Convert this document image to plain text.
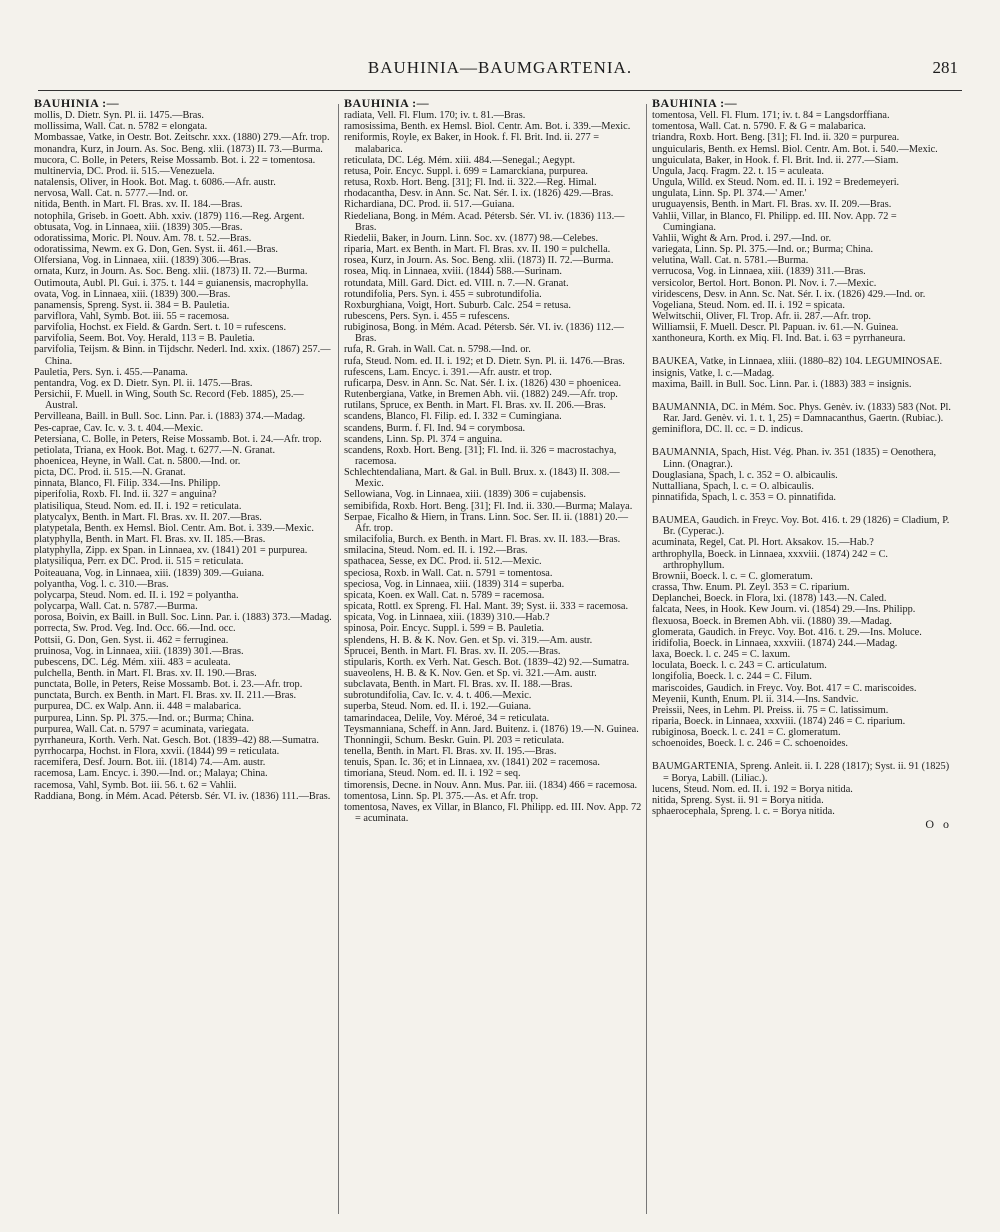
BAUHINIA—BAUMGARTENIA.	281
BAUHINIA :—

mollis, D. Dietr. Syn. Pl. ii. 1475.—Bras.

mollissima, Wall. Cat. n. 5782 = elongata.

Mombassae, Vatke, in Oestr. Bot. Zeitschr. xxx. (1880) 279.—Afr. trop.

monandra, Kurz, in Journ. As. Soc. Beng. xlii. (1873) II. 73.—Burma.

mucora, C. Bolle, in Peters, Reise Mossamb. Bot. i. 22 = tomentosa.

multinervia, DC. Prod. ii. 515.—Venezuela.

natalensis, Oliver, in Hook. Bot. Mag. t. 6086.—Afr. austr.

nervosa, Wall. Cat. n. 5777.—Ind. or.

nitida, Benth. in Mart. Fl. Bras. xv. II. 184.—Bras.

notophila, Griseb. in Goett. Abh. xxiv. (1879) 116.—Reg. Argent.

obtusata, Vog. in Linnaea, xiii. (1839) 305.—Bras.

odoratissima, Moric. Pl. Nouv. Am. 78. t. 52.—Bras.

odoratissima, Newm. ex G. Don, Gen. Syst. ii. 461.—Bras.

Olfersiana, Vog. in Linnaea, xiii. (1839) 306.—Bras.

ornata, Kurz, in Journ. As. Soc. Beng. xlii. (1873) II. 72.—Burma.

Outimouta, Aubl. Pl. Gui. i. 375. t. 144 = guianensis, macrophylla.

ovata, Vog. in Linnaea, xiii. (1839) 300.—Bras.

panamensis, Spreng. Syst. ii. 384 = B. Pauletia.

parviflora, Vahl, Symb. Bot. iii. 55 = racemosa.

parvifolia, Hochst. ex Field. & Gardn. Sert. t. 10 = rufescens.

parvifolia, Seem. Bot. Voy. Herald, 113 = B. Pauletia.

parvifolia, Teijsm. & Binn. in Tijdschr. Nederl. Ind. xxix. (1867) 257.—China.

Pauletia, Pers. Syn. i. 455.—Panama.

pentandra, Vog. ex D. Dietr. Syn. Pl. ii. 1475.—Bras.

Persichii, F. Muell. in Wing, South Sc. Record (Feb. 1885), 25.—Austral.

Pervilleana, Baill. in Bull. Soc. Linn. Par. i. (1883) 374.—Madag.

Pes-caprae, Cav. Ic. v. 3. t. 404.—Mexic.

Petersiana, C. Bolle, in Peters, Reise Mossamb. Bot. i. 24.—Afr. trop.

petiolata, Triana, ex Hook. Bot. Mag. t. 6277.—N. Granat.

phoenicea, Heyne, in Wall. Cat. n. 5800.—Ind. or.

picta, DC. Prod. ii. 515.—N. Granat.

pinnata, Blanco, Fl. Filip. 334.—Ins. Philipp.

piperifolia, Roxb. Fl. Ind. ii. 327 = anguina?

platisiliqua, Steud. Nom. ed. II. i. 192 = reticulata.

platycalyx, Benth. in Mart. Fl. Bras. xv. II. 207.—Bras.

platypetala, Benth. ex Hemsl. Biol. Centr. Am. Bot. i. 339.—Mexic.

platyphylla, Benth. in Mart. Fl. Bras. xv. II. 185.—Bras.

platyphylla, Zipp. ex Span. in Linnaea, xv. (1841) 201 = purpurea.

platysiliqua, Perr. ex DC. Prod. ii. 515 = reticulata.

Poiteauana, Vog. in Linnaea, xiii. (1839) 309.—Guiana.

polyantha, Vog. l. c. 310.—Bras.

polycarpa, Steud. Nom. ed. II. i. 192 = polyantha.

polycarpa, Wall. Cat. n. 5787.—Burma.

porosa, Boivin, ex Baill. in Bull. Soc. Linn. Par. i. (1883) 373.—Madag.

porrecta, Sw. Prod. Veg. Ind. Occ. 66.—Ind. occ.

Pottsii, G. Don, Gen. Syst. ii. 462 = ferruginea.

pruinosa, Vog. in Linnaea, xiii. (1839) 301.—Bras.

pubescens, DC. Lég. Mém. xiii. 483 = aculeata.

pulchella, Benth. in Mart. Fl. Bras. xv. II. 190.—Bras.

punctata, Bolle, in Peters, Reise Mossamb. Bot. i. 23.—Afr. trop.

punctata, Burch. ex Benth. in Mart. Fl. Bras. xv. II. 211.—Bras.

purpurea, DC. ex Walp. Ann. ii. 448 = malabarica.

purpurea, Linn. Sp. Pl. 375.—Ind. or.; Burma; China.

purpurea, Wall. Cat. n. 5797 = acuminata, variegata.

pyrrhaneura, Korth. Verh. Nat. Gesch. Bot. (1839–42) 88.—Sumatra.

pyrrhocarpa, Hochst. in Flora, xxvii. (1844) 99 = reticulata.

racemifera, Desf. Journ. Bot. iii. (1814) 74.—Am. austr.

racemosa, Lam. Encyc. i. 390.—Ind. or.; Malaya; China.

racemosa, Vahl, Symb. Bot. iii. 56. t. 62 = Vahlii.

Raddiana, Bong. in Mém. Acad. Pétersb. Sér. VI. iv. (1836) 111.—Bras.

BAUHINIA :—

radiata, Vell. Fl. Flum. 170; iv. t. 81.—Bras.

ramosissima, Benth. ex Hemsl. Biol. Centr. Am. Bot. i. 339.—Mexic.

reniformis, Royle, ex Baker, in Hook. f. Fl. Brit. Ind. ii. 277 = malabarica.

reticulata, DC. Lég. Mém. xiii. 484.—Senegal.; Aegypt.

retusa, Poir. Encyc. Suppl. i. 699 = Lamarckiana, purpurea.

retusa, Roxb. Hort. Beng. [31]; Fl. Ind. ii. 322.—Reg. Himal.

rhodacantha, Desv. in Ann. Sc. Nat. Sér. I. ix. (1826) 429.—Bras.

Richardiana, DC. Prod. ii. 517.—Guiana.

Riedeliana, Bong. in Mém. Acad. Pétersb. Sér. VI. iv. (1836) 113.—Bras.

Riedelii, Baker, in Journ. Linn. Soc. xv. (1877) 98.—Celebes.

riparia, Mart. ex Benth. in Mart. Fl. Bras. xv. II. 190 = pulchella.

rosea, Kurz, in Journ. As. Soc. Beng. xlii. (1873) II. 72.—Burma.

rosea, Miq. in Linnaea, xviii. (1844) 588.—Surinam.

rotundata, Mill. Gard. Dict. ed. VIII. n. 7.—N. Granat.

rotundifolia, Pers. Syn. i. 455 = subrotundifolia.

Roxburghiana, Voigt, Hort. Suburb. Calc. 254 = retusa.

rubescens, Pers. Syn. i. 455 = rufescens.

rubiginosa, Bong. in Mém. Acad. Pétersb. Sér. VI. iv. (1836) 112.—Bras.

rufa, R. Grah. in Wall. Cat. n. 5798.—Ind. or.

rufa, Steud. Nom. ed. II. i. 192; et D. Dietr. Syn. Pl. ii. 1476.—Bras.

rufescens, Lam. Encyc. i. 391.—Afr. austr. et trop.

ruficarpa, Desv. in Ann. Sc. Nat. Sér. I. ix. (1826) 430 = phoenicea.

Rutenbergiana, Vatke, in Bremen Abh. vii. (1882) 249.—Afr. trop.

rutilans, Spruce, ex Benth. in Mart. Fl. Bras. xv. II. 206.—Bras.

scandens, Blanco, Fl. Filip. ed. I. 332 = Cumingiana.

scandens, Burm. f. Fl. Ind. 94 = corymbosa.

scandens, Linn. Sp. Pl. 374 = anguina.

scandens, Roxb. Hort. Beng. [31]; Fl. Ind. ii. 326 = macrostachya, racemosa.

Schlechtendaliana, Mart. & Gal. in Bull. Brux. x. (1843) II. 308.—Mexic.

Sellowiana, Vog. in Linnaea, xiii. (1839) 306 = cujabensis.

semibifida, Roxb. Hort. Beng. [31]; Fl. Ind. ii. 330.—Burma; Malaya.

Serpae, Ficalho & Hiern, in Trans. Linn. Soc. Ser. II. ii. (1881) 20.—Afr. trop.

smilacifolia, Burch. ex Benth. in Mart. Fl. Bras. xv. II. 183.—Bras.

smilacina, Steud. Nom. ed. II. i. 192.—Bras.

spathacea, Sesse, ex DC. Prod. ii. 512.—Mexic.

speciosa, Roxb. in Wall. Cat. n. 5791 = tomentosa.

speciosa, Vog. in Linnaea, xiii. (1839) 314 = superba.

spicata, Koen. ex Wall. Cat. n. 5789 = racemosa.

spicata, Rottl. ex Spreng. Fl. Hal. Mant. 39; Syst. ii. 333 = racemosa.

spicata, Vog. in Linnaea, xiii. (1839) 310.—Hab.?

spinosa, Poir. Encyc. Suppl. i. 599 = B. Pauletia.

splendens, H. B. & K. Nov. Gen. et Sp. vi. 319.—Am. austr.

Sprucei, Benth. in Mart. Fl. Bras. xv. II. 205.—Bras.

stipularis, Korth. ex Verh. Nat. Gesch. Bot. (1839–42) 92.—Sumatra.

suaveolens, H. B. & K. Nov. Gen. et Sp. vi. 321.—Am. austr.

subclavata, Benth. in Mart. Fl. Bras. xv. II. 188.—Bras.

subrotundifolia, Cav. Ic. v. 4. t. 406.—Mexic.

superba, Steud. Nom. ed. II. i. 192.—Guiana.

tamarindacea, Delile, Voy. Méroé, 34 = reticulata.

Teysmanniana, Scheff. in Ann. Jard. Buitenz. i. (1876) 19.—N. Guinea.

Thonningii, Schum. Beskr. Guin. Pl. 203 = reticulata.

tenella, Benth. in Mart. Fl. Bras. xv. II. 195.—Bras.

tenuis, Span. Ic. 36; et in Linnaea, xv. (1841) 202 = racemosa.

timoriana, Steud. Nom. ed. II. i. 192 = seq.

timorensis, Decne. in Nouv. Ann. Mus. Par. iii. (1834) 466 = racemosa.

tomentosa, Linn. Sp. Pl. 375.—As. et Afr. trop.

tomentosa, Naves, ex Villar, in Blanco, Fl. Philipp. ed. III. Nov. App. 72 = acuminata.

BAUHINIA :—

tomentosa, Vell. Fl. Flum. 171; iv. t. 84 = Langsdorffiana.

tomentosa, Wall. Cat. n. 5790. F. & G = malabarica.

triandra, Roxb. Hort. Beng. [31]; Fl. Ind. ii. 320 = purpurea.

unguicularis, Benth. ex Hemsl. Biol. Centr. Am. Bot. i. 540.—Mexic.

unguiculata, Baker, in Hook. f. Fl. Brit. Ind. ii. 277.—Siam.

Ungula, Jacq. Fragm. 22. t. 15 = aculeata.

Ungula, Willd. ex Steud. Nom. ed. II. i. 192 = Bredemeyeri.

ungulata, Linn. Sp. Pl. 374.—' Amer.'

uruguayensis, Benth. in Mart. Fl. Bras. xv. II. 209.—Bras.

Vahlii, Villar, in Blanco, Fl. Philipp. ed. III. Nov. App. 72 = Cumingiana.

Vahlii, Wight & Arn. Prod. i. 297.—Ind. or.

variegata, Linn. Sp. Pl. 375.—Ind. or.; Burma; China.

velutina, Wall. Cat. n. 5781.—Burma.

verrucosa, Vog. in Linnaea, xiii. (1839) 311.—Bras.

versicolor, Bertol. Hort. Bonon. Pl. Nov. i. 7.—Mexic.

viridescens, Desv. in Ann. Sc. Nat. Sér. I. ix. (1826) 429.—Ind. or.

Vogeliana, Steud. Nom. ed. II. i. 192 = spicata.

Welwitschii, Oliver, Fl. Trop. Afr. ii. 287.—Afr. trop.

Williamsii, F. Muell. Descr. Pl. Papuan. iv. 61.—N. Guinea.

xanthoneura, Korth. ex Miq. Fl. Ind. Bat. i. 63 = pyrrhaneura.

BAUKEA, Vatke, in Linnaea, xliii. (1880–82) 104. LEGUMINOSAE.

insignis, Vatke, l. c.—Madag.

maxima, Baill. in Bull. Soc. Linn. Par. i. (1883) 383 = insignis.

BAUMANNIA, DC. in Mém. Soc. Phys. Genèv. iv. (1833) 583 (Not. Pl. Rar. Jard. Genèv. vi. 1. t. 1, 25) = Damnacanthus, Gaertn. (Rubiac.).

geminiflora, DC. ll. cc. = D. indicus.

BAUMANNIA, Spach, Hist. Vég. Phan. iv. 351 (1835) = Oenothera, Linn. (Onagrar.).

Douglasiana, Spach, l. c. 352 = O. albicaulis.

Nuttalliana, Spach, l. c. = O. albicaulis.

pinnatifida, Spach, l. c. 353 = O. pinnatifida.

BAUMEA, Gaudich. in Freyc. Voy. Bot. 416. t. 29 (1826) = Cladium, P. Br. (Cyperac.).

acuminata, Regel, Cat. Pl. Hort. Aksakov. 15.—Hab.?

arthrophylla, Boeck. in Linnaea, xxxviii. (1874) 242 = C. arthrophyllum.

Brownii, Boeck. l. c. = C. glomeratum.

crassa, Thw. Enum. Pl. Zeyl. 353 = C. riparium.

Deplanchei, Boeck. in Flora, lxi. (1878) 143.—N. Caled.

falcata, Nees, in Hook. Kew Journ. vi. (1854) 29.—Ins. Philipp.

flexuosa, Boeck. in Bremen Abh. vii. (1880) 39.—Madag.

glomerata, Gaudich. in Freyc. Voy. Bot. 416. t. 29.—Ins. Moluce.

iridifolia, Boeck. in Linnaea, xxxviii. (1874) 244.—Madag.

laxa, Boeck. l. c. 245 = C. laxum.

loculata, Boeck. l. c. 243 = C. articulatum.

longifolia, Boeck. l. c. 244 = C. Filum.

mariscoides, Gaudich. in Freyc. Voy. Bot. 417 = C. mariscoides.

Meyenii, Kunth, Enum. Pl. ii. 314.—Ins. Sandvic.

Preissii, Nees, in Lehm. Pl. Preiss. ii. 75 = C. latissimum.

riparia, Boeck. in Linnaea, xxxviii. (1874) 246 = C. riparium.

rubiginosa, Boeck. l. c. 241 = C. glomeratum.

schoenoides, Boeck. l. c. 246 = C. schoenoides.

BAUMGARTENIA, Spreng. Anleit. ii. I. 228 (1817); Syst. ii. 91 (1825) = Borya, Labill. (Liliac.).

lucens, Steud. Nom. ed. II. i. 192 = Borya nitida.

nitida, Spreng. Syst. ii. 91 = Borya nitida.

sphaerocephala, Spreng. l. c. = Borya nitida.

O o
